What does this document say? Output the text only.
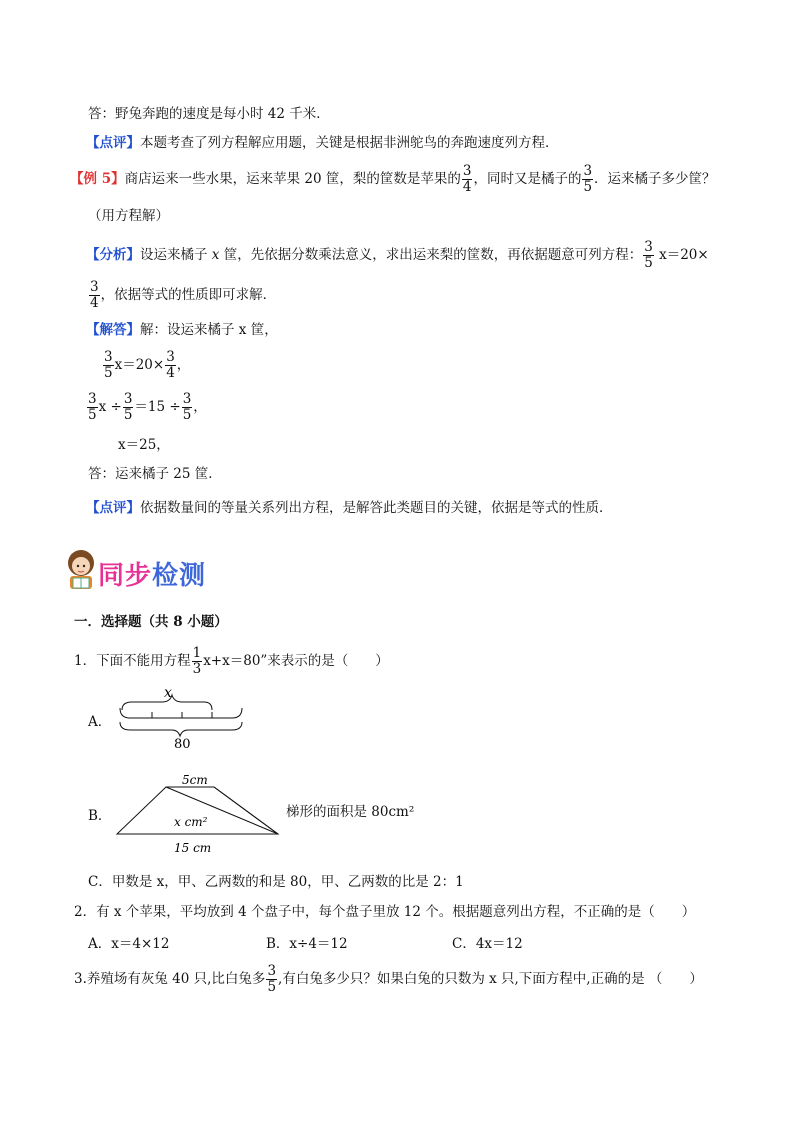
答：野兔奔跑的速度是每小时 42 千米．
【点评】本题考查了列方程解应用题，关键是根据非洲鸵鸟的奔跑速度列方程．
【例 5】商店运来一些水果，运来苹果 20 筐，梨的筐数是苹果的 $\frac{3}{4}$ ，同时又是橘子的 $\frac{3}{5}$ ．运来橘子多少筐？
（用方程解）
【分析】设运来橘子 x 筐，先依据分数乘法意义，求出运来梨的筐数，再依据题意可列方程： $\frac{3}{5} x=20\times$
$\frac{3}{4}$ ，依据等式的性质即可求解．
【解答】解：设运来橘子 x 筐，
$\frac{3}{5} x=20\times \frac{3}{4}$ ，
$\frac{3}{5}$ $x \div \frac{3}{5} =15 \div \frac{3}{5}$ ，
x＝25，
答：运来橘子 25 筐．
【点评】依据数量间的等量关系列出方程，是解答此类题目的关键，依据是等式的性质．
同步检测
一．选择题（共 8 小题）
1．下面不能用方程 $\frac{1}{3} x+x=80$”来表示的是（　　）
A．
x
80
B．
5cm
x cm²
15 cm
梯形的面积是 80cm²
C．甲数是 x，甲、乙两数的和是 80，甲、乙两数的比是 2：1
2．有 x 个苹果，平均放到 4 个盘子中，每个盘子里放 12 个。根据题意列出方程，不正确的是（　　）
A．x＝4×12	B．x÷4＝12	C．4x＝12
3.养殖场有灰兔 40 只,比白兔多 $\frac{3}{5}$ ,有白兔多少只？如果白兔的只数为 x 只,下面方程中,正确的是 （　　）
